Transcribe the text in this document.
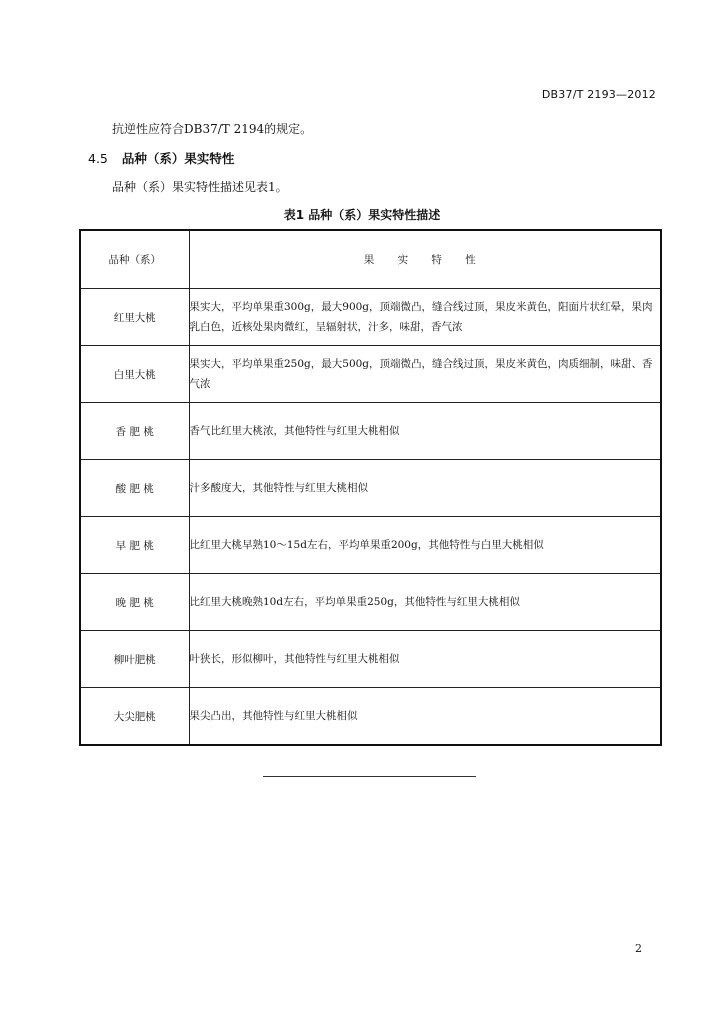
DB37/T 2193—2012
抗逆性应符合DB37/T 2194的规定。
4.5 品种（系）果实特性
品种（系）果实特性描述见表1。
表1 品种（系）果实特性描述
品种（系）	果 实 特 性
红里大桃	果实大，平均单果重300g，最大900g，顶端微凸，缝合线过顶，果皮米黄色，阳面片状红晕，果肉乳白色，近核处果肉微红，呈辐射状，汁多，味甜，香气浓
白里大桃	果实大，平均单果重250g，最大500g，顶端微凸，缝合线过顶，果皮米黄色，肉质细制，味甜、香气浓
香 肥 桃	香气比红里大桃浓，其他特性与红里大桃相似
酸 肥 桃	汁多酸度大，其他特性与红里大桃相似
早 肥 桃	比红里大桃早熟10～15d左右，平均单果重200g，其他特性与白里大桃相似
晚 肥 桃	比红里大桃晚熟10d左右，平均单果重250g，其他特性与红里大桃相似
柳叶肥桃	叶狭长，形似柳叶，其他特性与红里大桃相似
大尖肥桃	果尖凸出，其他特性与红里大桃相似
2
